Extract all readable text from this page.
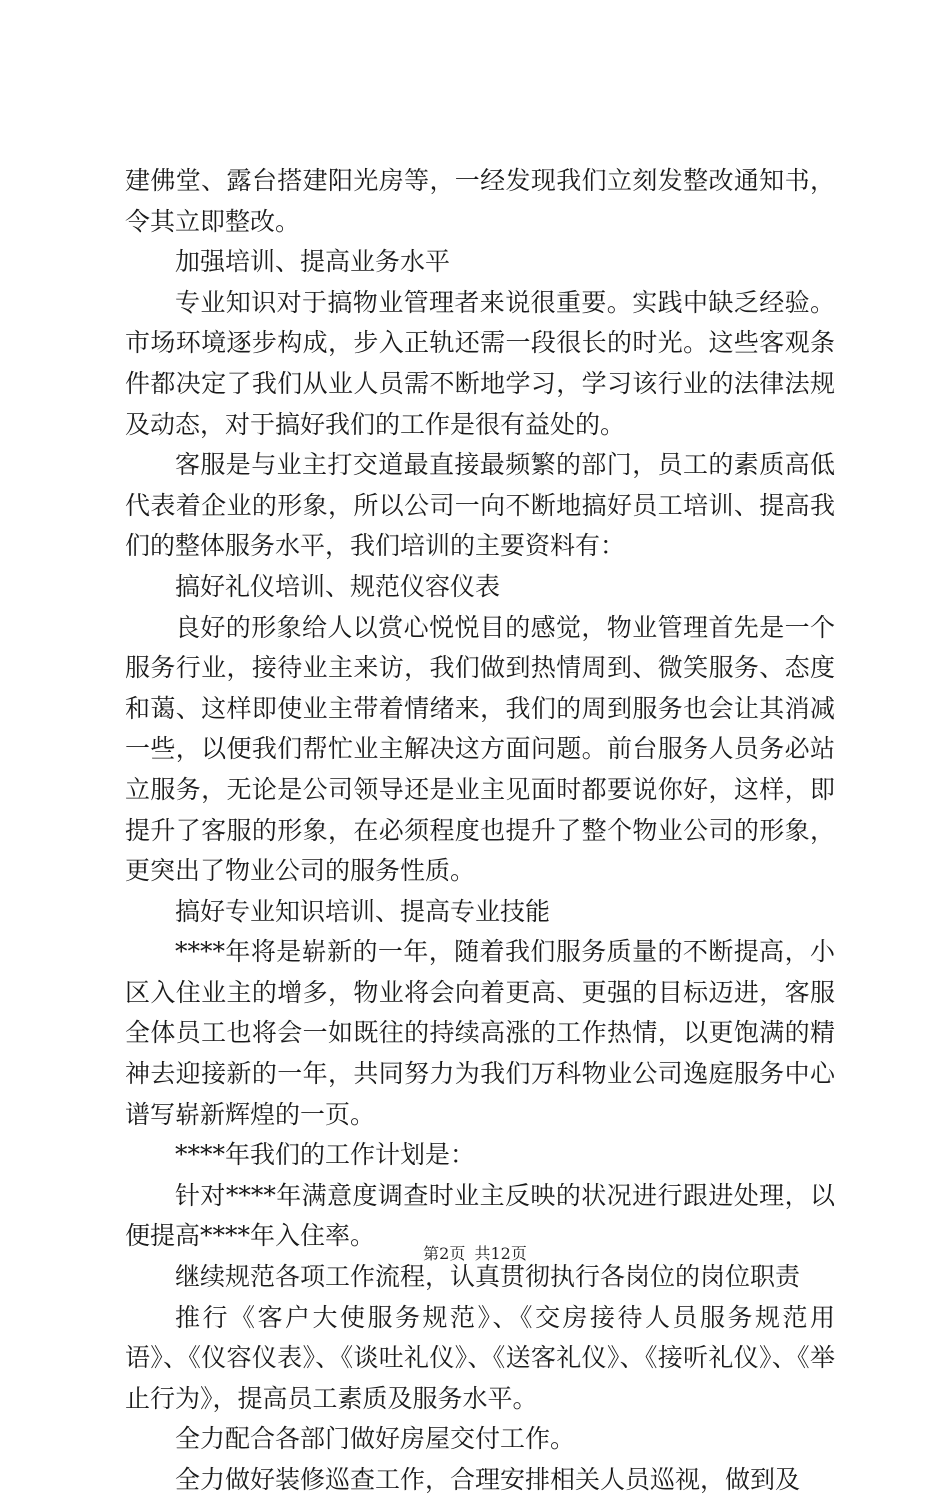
建佛堂、露台搭建阳光房等，一经发现我们立刻发整改通知书，令其立即整改。

加强培训、提高业务水平

专业知识对于搞物业管理者来说很重要。实践中缺乏经验。市场环境逐步构成，步入正轨还需一段很长的时光。这些客观条件都决定了我们从业人员需不断地学习，学习该行业的法律法规及动态，对于搞好我们的工作是很有益处的。

客服是与业主打交道最直接最频繁的部门，员工的素质高低代表着企业的形象，所以公司一向不断地搞好员工培训、提高我们的整体服务水平，我们培训的主要资料有：

搞好礼仪培训、规范仪容仪表

良好的形象给人以赏心悦悦目的感觉，物业管理首先是一个服务行业，接待业主来访，我们做到热情周到、微笑服务、态度和蔼、这样即使业主带着情绪来，我们的周到服务也会让其消减一些，以便我们帮忙业主解决这方面问题。前台服务人员务必站立服务，无论是公司领导还是业主见面时都要说你好，这样，即提升了客服的形象，在必须程度也提升了整个物业公司的形象，更突出了物业公司的服务性质。

搞好专业知识培训、提高专业技能

****年将是崭新的一年，随着我们服务质量的不断提高，小区入住业主的增多，物业将会向着更高、更强的目标迈进，客服全体员工也将会一如既往的持续高涨的工作热情，以更饱满的精神去迎接新的一年，共同努力为我们万科物业公司逸庭服务中心谱写崭新辉煌的一页。

****年我们的工作计划是：

针对****年满意度调查时业主反映的状况进行跟进处理，以便提高****年入住率。

继续规范各项工作流程，认真贯彻执行各岗位的岗位职责

推行《客户大使服务规范》、《交房接待人员服务规范用语》、《仪容仪表》、《谈吐礼仪》、《送客礼仪》、《接听礼仪》、《举止行为》，提高员工素质及服务水平。

全力配合各部门做好房屋交付工作。

全力做好装修巡查工作，合理安排相关人员巡视，做到及

第2页 共12页
